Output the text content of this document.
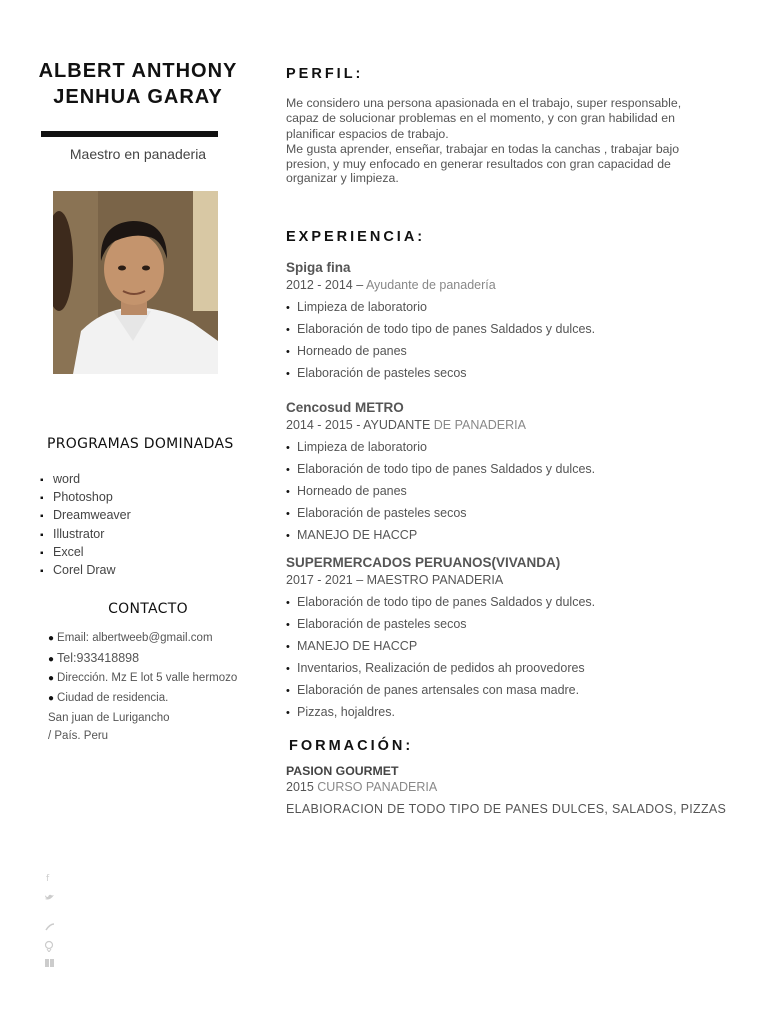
ALBERT ANTHONY
JENHUA GARAY
Maestro en panaderia
PROGRAMAS DOMINADAS
▪ word
▪ Photoshop
▪ Dreamweaver
▪ Illustrator
▪ Excel
▪ Corel Draw
CONTACTO
● Email: albertweeb@gmail.com
● Tel:933418898
● Dirección. Mz E lot 5 valle hermozo
● Ciudad de residencia.
San juan de Lurigancho
/ País. Peru
f
PERFIL:
Me considero una persona apasionada en el trabajo, super responsable,
capaz de solucionar problemas en el momento, y con gran habilidad en
planificar espacios de trabajo.
Me gusta aprender, enseñar, trabajar en todas la canchas , trabajar bajo
presion, y muy enfocado en generar resultados con gran capacidad de
organizar y limpieza.
EXPERIENCIA:
Spiga fina
2012 - 2014 – Ayudante de panadería
• Limpieza de laboratorio
• Elaboración de todo tipo de panes Saldados y dulces.
• Horneado de panes
• Elaboración de pasteles secos
Cencosud METRO
2014 - 2015 - AYUDANTE DE PANADERIA
• Limpieza de laboratorio
• Elaboración de todo tipo de panes Saldados y dulces.
• Horneado de panes
• Elaboración de pasteles secos
• MANEJO DE HACCP
SUPERMERCADOS PERUANOS(VIVANDA)
2017 - 2021 – MAESTRO PANADERIA
• Elaboración de todo tipo de panes Saldados y dulces.
• Elaboración de pasteles secos
• MANEJO DE HACCP
• Inventarios, Realización de pedidos ah proovedores
• Elaboración de panes artensales con masa madre.
• Pizzas, hojaldres.
FORMACIÓN:
PASION GOURMET
2015 CURSO PANADERIA
ELABIORACION DE TODO TIPO DE PANES DULCES, SALADOS, PIZZAS
